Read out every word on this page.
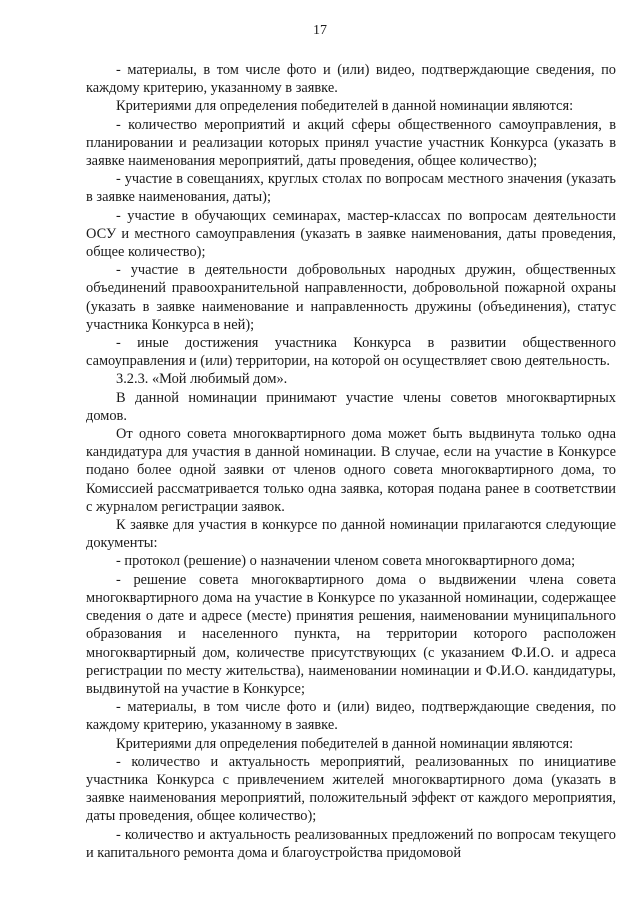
17

- материалы, в том числе фото и (или) видео, подтверждающие сведения, по каждому критерию, указанному в заявке.

Критериями для определения победителей в данной номинации являются:

- количество мероприятий и акций сферы общественного самоуправления, в планировании и реализации которых принял участие участник Конкурса (указать в заявке наименования мероприятий, даты проведения, общее количество);

- участие в совещаниях, круглых столах по вопросам местного значения (указать в заявке наименования, даты);

- участие в обучающих семинарах, мастер-классах по вопросам деятельности ОСУ и местного самоуправления (указать в заявке наименования, даты проведения, общее количество);

- участие в деятельности добровольных народных дружин, общественных объединений правоохранительной направленности, добровольной пожарной охраны (указать в заявке наименование и направленность дружины (объединения), статус участника Конкурса в ней);

- иные достижения участника Конкурса в развитии общественного самоуправления и (или) территории, на которой он осуществляет свою деятельность.

3.2.3. «Мой любимый дом».

В данной номинации принимают участие члены советов многоквартирных домов.

От одного совета многоквартирного дома может быть выдвинута только одна кандидатура для участия в данной номинации. В случае, если на участие в Конкурсе подано более одной заявки от членов одного совета многоквартирного дома, то Комиссией рассматривается только одна заявка, которая подана ранее в соответствии с журналом регистрации заявок.

К заявке для участия в конкурсе по данной номинации прилагаются следующие документы:

- протокол (решение) о назначении членом совета многоквартирного дома;

- решение совета многоквартирного дома о выдвижении члена совета многоквартирного дома на участие в Конкурсе по указанной номинации, содержащее сведения о дате и адресе (месте) принятия решения, наименовании муниципального образования и населенного пункта, на территории которого расположен многоквартирный дом, количестве присутствующих (с указанием Ф.И.О. и адреса регистрации по месту жительства), наименовании номинации и Ф.И.О. кандидатуры, выдвинутой на участие в Конкурсе;

- материалы, в том числе фото и (или) видео, подтверждающие сведения, по каждому критерию, указанному в заявке.

Критериями для определения победителей в данной номинации являются:

- количество и актуальность мероприятий, реализованных по инициативе участника Конкурса с привлечением жителей многоквартирного дома (указать в заявке наименования мероприятий, положительный эффект от каждого мероприятия, даты проведения, общее количество);

- количество и актуальность реализованных предложений по вопросам текущего и капитального ремонта дома и благоустройства придомовой
